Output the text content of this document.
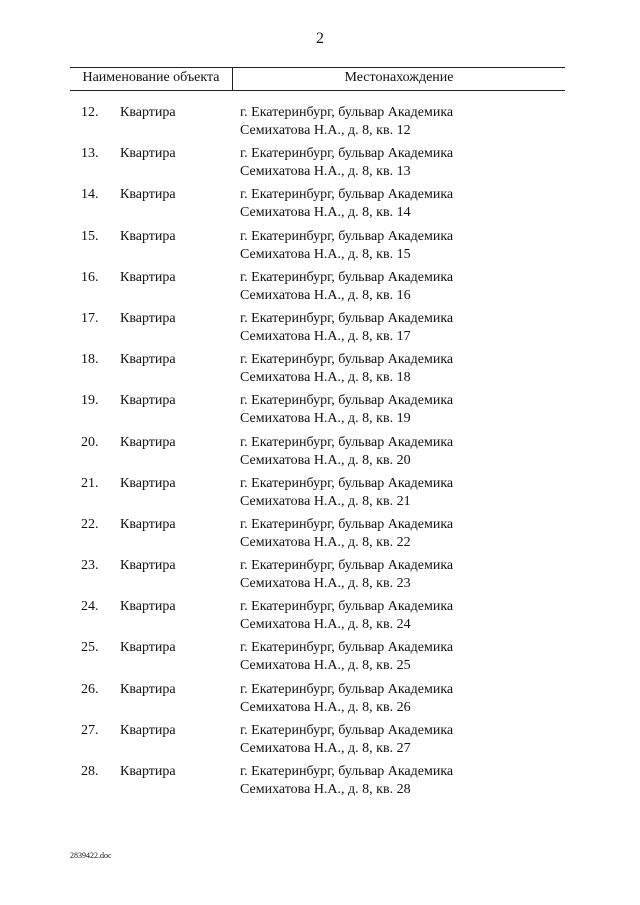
2
Наименование объекта	Местонахождение
12. Квартира	г. Екатеринбург, бульвар Академика
Семихатова Н.А., д. 8, кв. 12
13. Квартира	г. Екатеринбург, бульвар Академика
Семихатова Н.А., д. 8, кв. 13
14. Квартира	г. Екатеринбург, бульвар Академика
Семихатова Н.А., д. 8, кв. 14
15. Квартира	г. Екатеринбург, бульвар Академика
Семихатова Н.А., д. 8, кв. 15
16. Квартира	г. Екатеринбург, бульвар Академика
Семихатова Н.А., д. 8, кв. 16
17. Квартира	г. Екатеринбург, бульвар Академика
Семихатова Н.А., д. 8, кв. 17
18. Квартира	г. Екатеринбург, бульвар Академика
Семихатова Н.А., д. 8, кв. 18
19. Квартира	г. Екатеринбург, бульвар Академика
Семихатова Н.А., д. 8, кв. 19
20. Квартира	г. Екатеринбург, бульвар Академика
Семихатова Н.А., д. 8, кв. 20
21. Квартира	г. Екатеринбург, бульвар Академика
Семихатова Н.А., д. 8, кв. 21
22. Квартира	г. Екатеринбург, бульвар Академика
Семихатова Н.А., д. 8, кв. 22
23. Квартира	г. Екатеринбург, бульвар Академика
Семихатова Н.А., д. 8, кв. 23
24. Квартира	г. Екатеринбург, бульвар Академика
Семихатова Н.А., д. 8, кв. 24
25. Квартира	г. Екатеринбург, бульвар Академика
Семихатова Н.А., д. 8, кв. 25
26. Квартира	г. Екатеринбург, бульвар Академика
Семихатова Н.А., д. 8, кв. 26
27. Квартира	г. Екатеринбург, бульвар Академика
Семихатова Н.А., д. 8, кв. 27
28. Квартира	г. Екатеринбург, бульвар Академика
Семихатова Н.А., д. 8, кв. 28
2839422.doc
